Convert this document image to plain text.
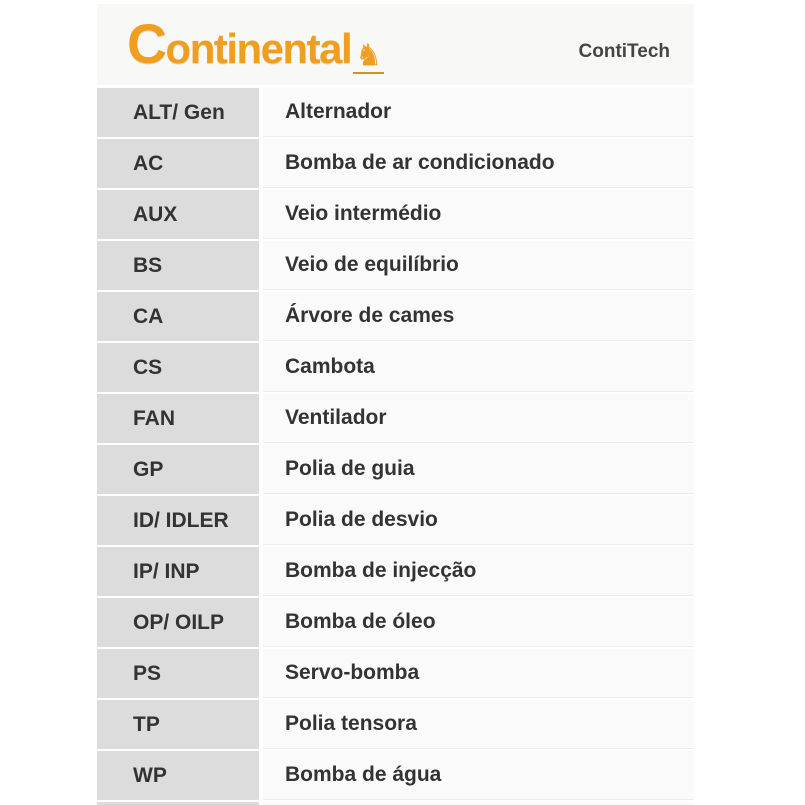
Continental ♞	ContiTech
ALT/ Gen	Alternador
AC	Bomba de ar condicionado
AUX	Veio intermédio
BS	Veio de equilíbrio
CA	Árvore de cames
CS	Cambota
FAN	Ventilador
GP	Polia de guia
ID/ IDLER	Polia de desvio
IP/ INP	Bomba de injecção
OP/ OILP	Bomba de óleo
PS	Servo-bomba
TP	Polia tensora
WP	Bomba de água
